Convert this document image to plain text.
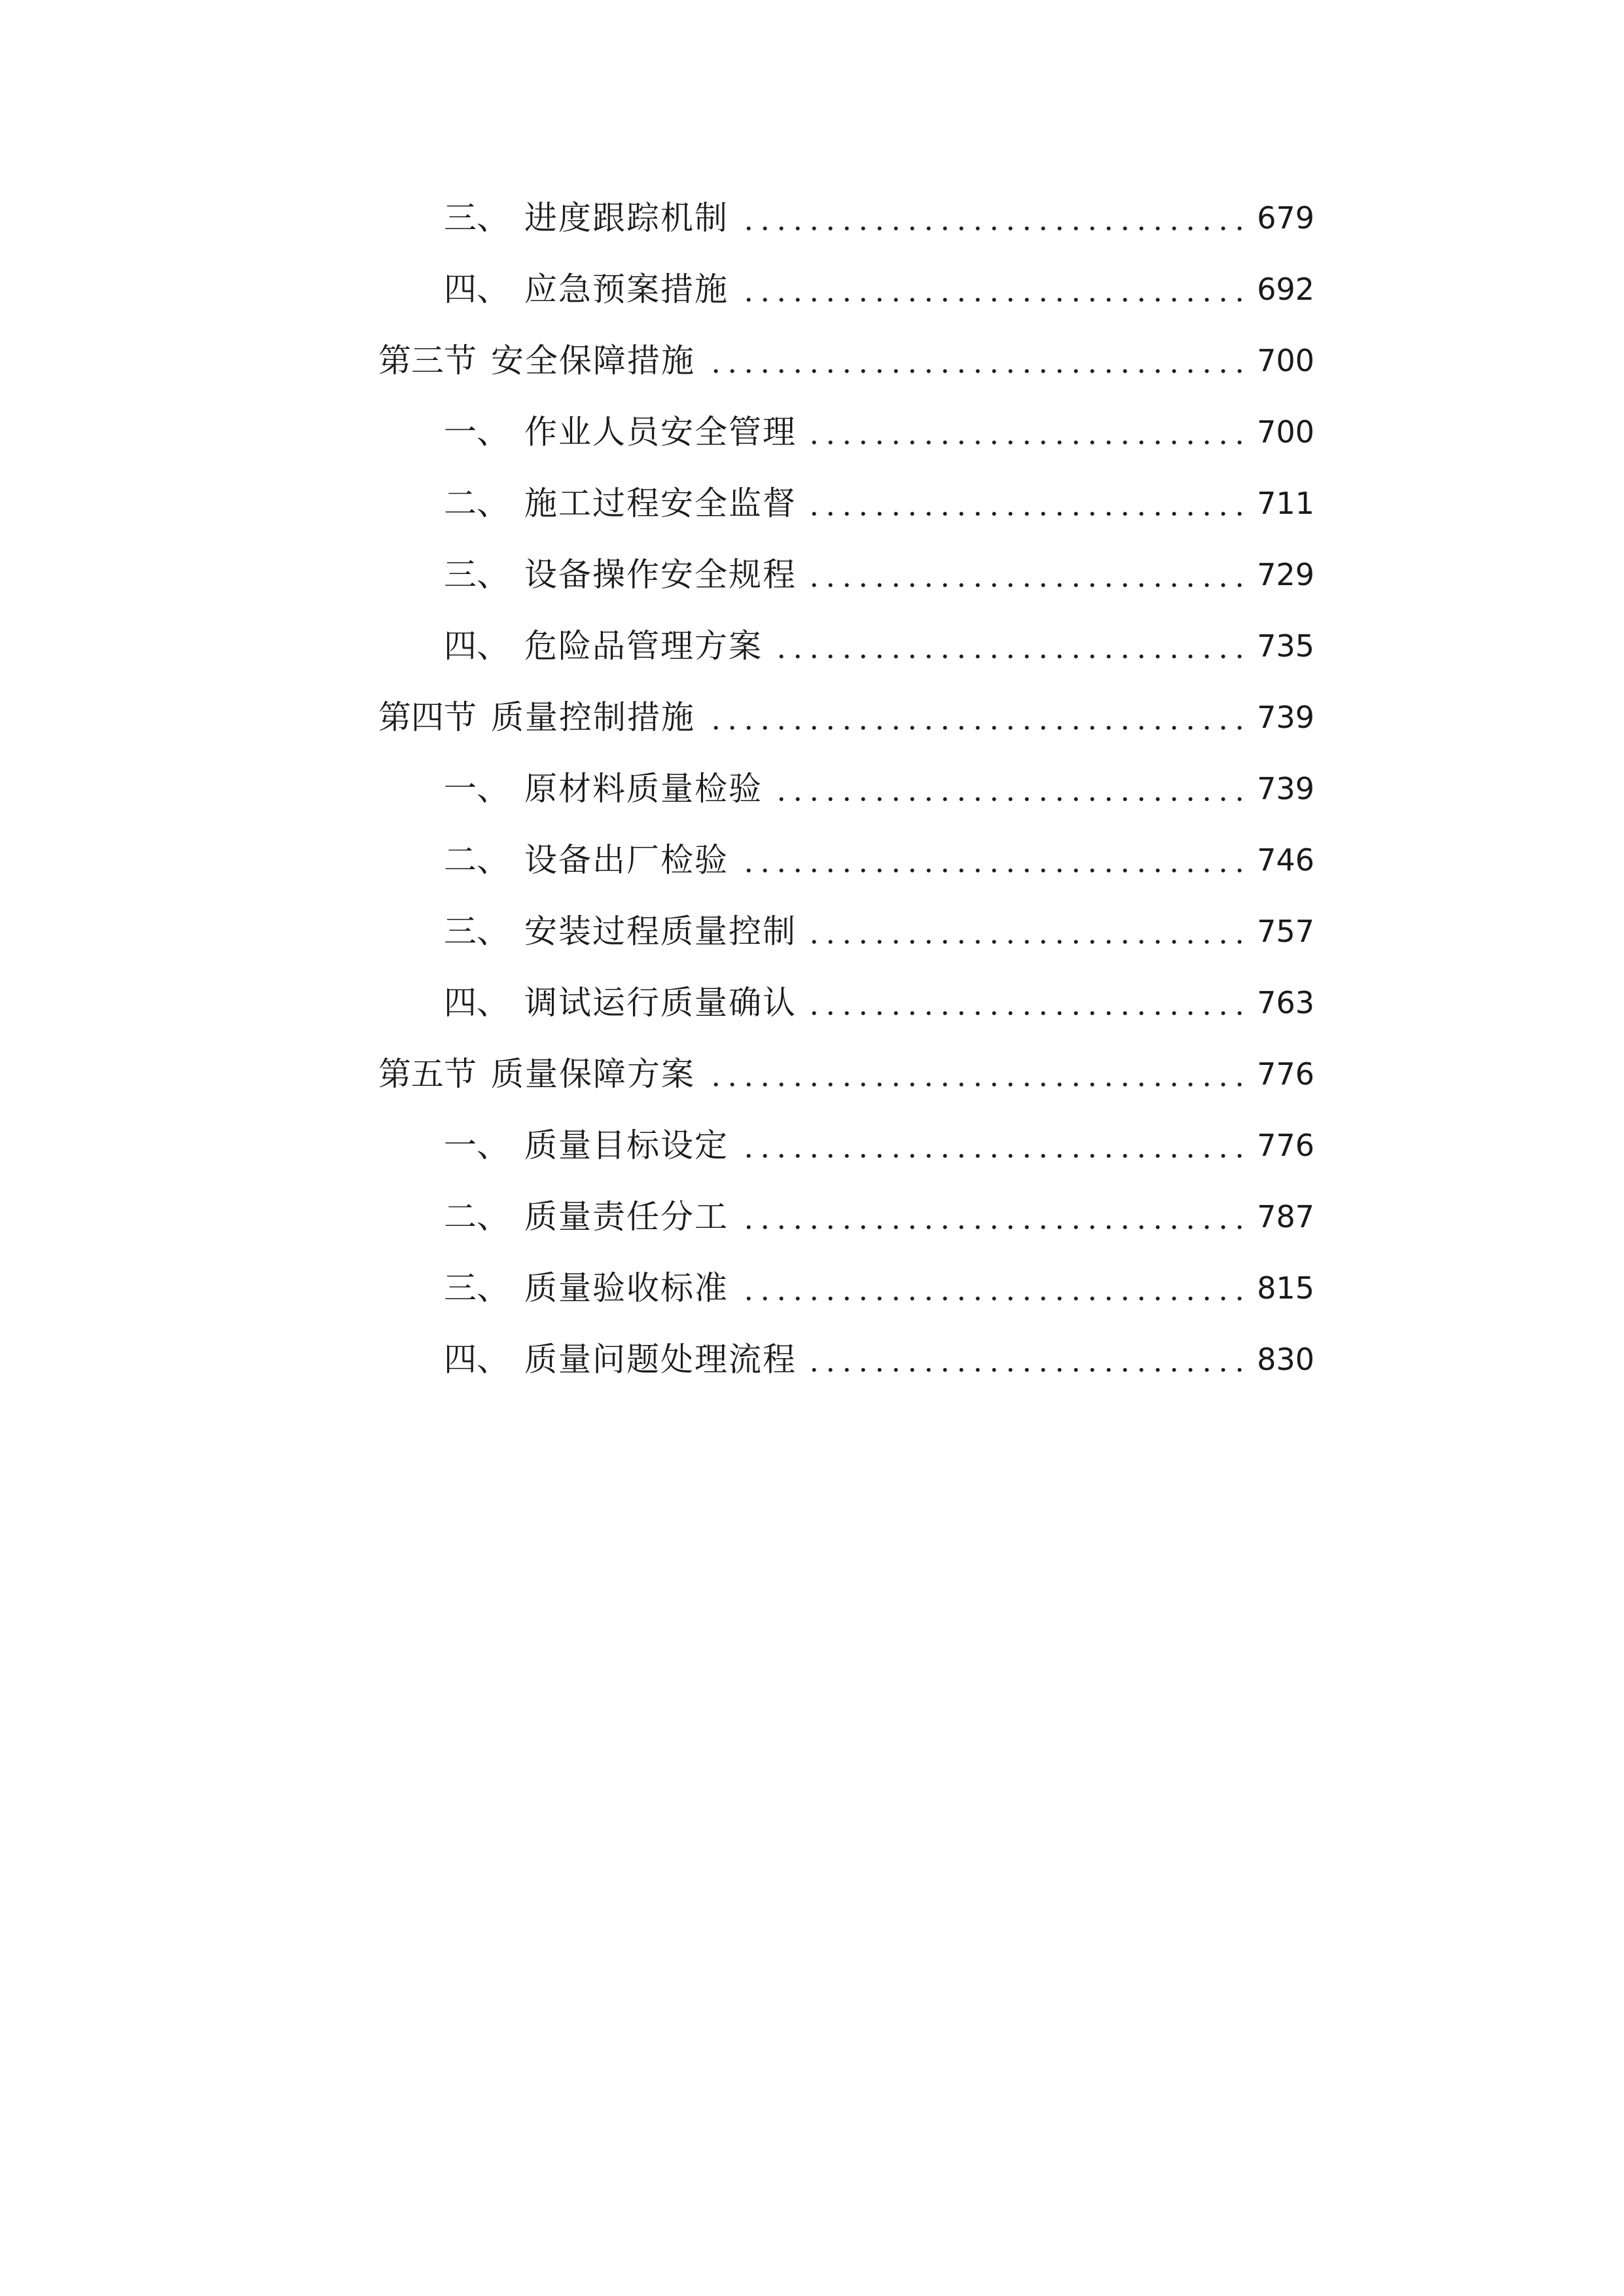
三、 进度跟踪机制	679
四、 应急预案措施	692
第三节 安全保障措施	700
一、 作业人员安全管理	700
二、 施工过程安全监督	711
三、 设备操作安全规程	729
四、 危险品管理方案	735
第四节 质量控制措施	739
一、 原材料质量检验	739
二、 设备出厂检验	746
三、 安装过程质量控制	757
四、 调试运行质量确认	763
第五节 质量保障方案	776
一、 质量目标设定	776
二、 质量责任分工	787
三、 质量验收标准	815
四、 质量问题处理流程	830
